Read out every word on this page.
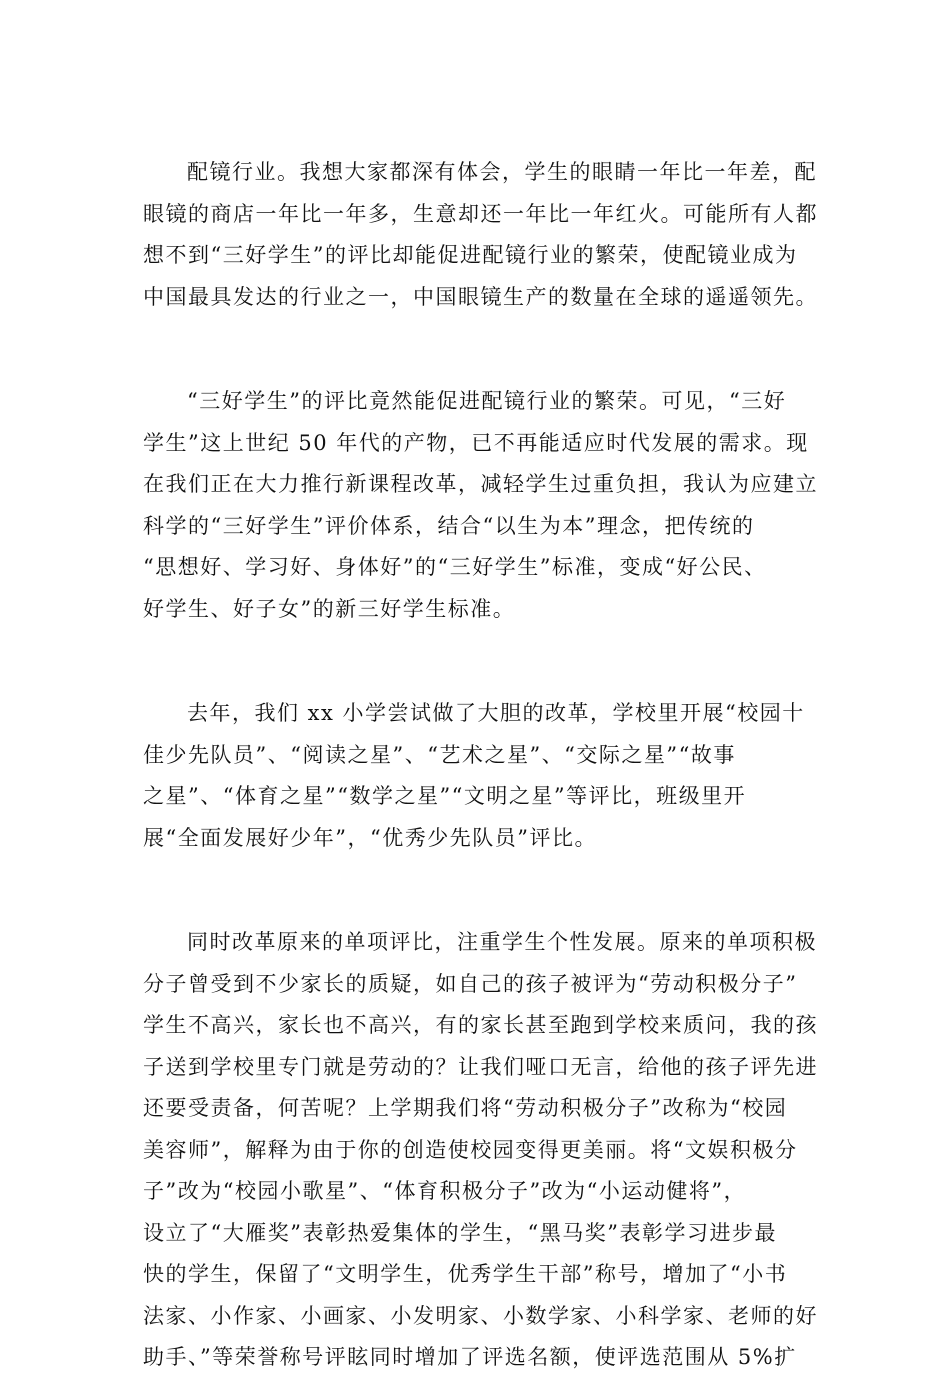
配镜行业。我想大家都深有体会，学生的眼睛一年比一年差，配
眼镜的商店一年比一年多，生意却还一年比一年红火。可能所有人都
想不到“三好学生”的评比却能促进配镜行业的繁荣，使配镜业成为
中国最具发达的行业之一，中国眼镜生产的数量在全球的遥遥领先。
“三好学生”的评比竟然能促进配镜行业的繁荣。可见，“三好
学生”这上世纪 50 年代的产物，已不再能适应时代发展的需求。现
在我们正在大力推行新课程改革，减轻学生过重负担，我认为应建立
科学的“三好学生”评价体系，结合“以生为本”理念，把传统的
“思想好、学习好、身体好”的“三好学生”标准，变成“好公民、
好学生、好子女”的新三好学生标准。
去年，我们 xx 小学尝试做了大胆的改革，学校里开展“校园十
佳少先队员”、“阅读之星”、“艺术之星”、“交际之星”“故事
之星”、“体育之星”“数学之星”“文明之星”等评比，班级里开
展“全面发展好少年”，“优秀少先队员”评比。
同时改革原来的单项评比，注重学生个性发展。原来的单项积极
分子曾受到不少家长的质疑，如自己的孩子被评为“劳动积极分子”
学生不高兴，家长也不高兴，有的家长甚至跑到学校来质问，我的孩
子送到学校里专门就是劳动的？让我们哑口无言，给他的孩子评先进
还要受责备，何苦呢？上学期我们将“劳动积极分子”改称为“校园
美容师”，解释为由于你的创造使校园变得更美丽。将“文娱积极分
子”改为“校园小歌星”、“体育积极分子”改为“小运动健将”，
设立了“大雁奖”表彰热爱集体的学生，“黑马奖”表彰学习进步最
快的学生，保留了“文明学生，优秀学生干部”称号，增加了“小书
法家、小作家、小画家、小发明家、小数学家、小科学家、老师的好
助手、”等荣誉称号评眩同时增加了评选名额，使评选范围从 5%扩
